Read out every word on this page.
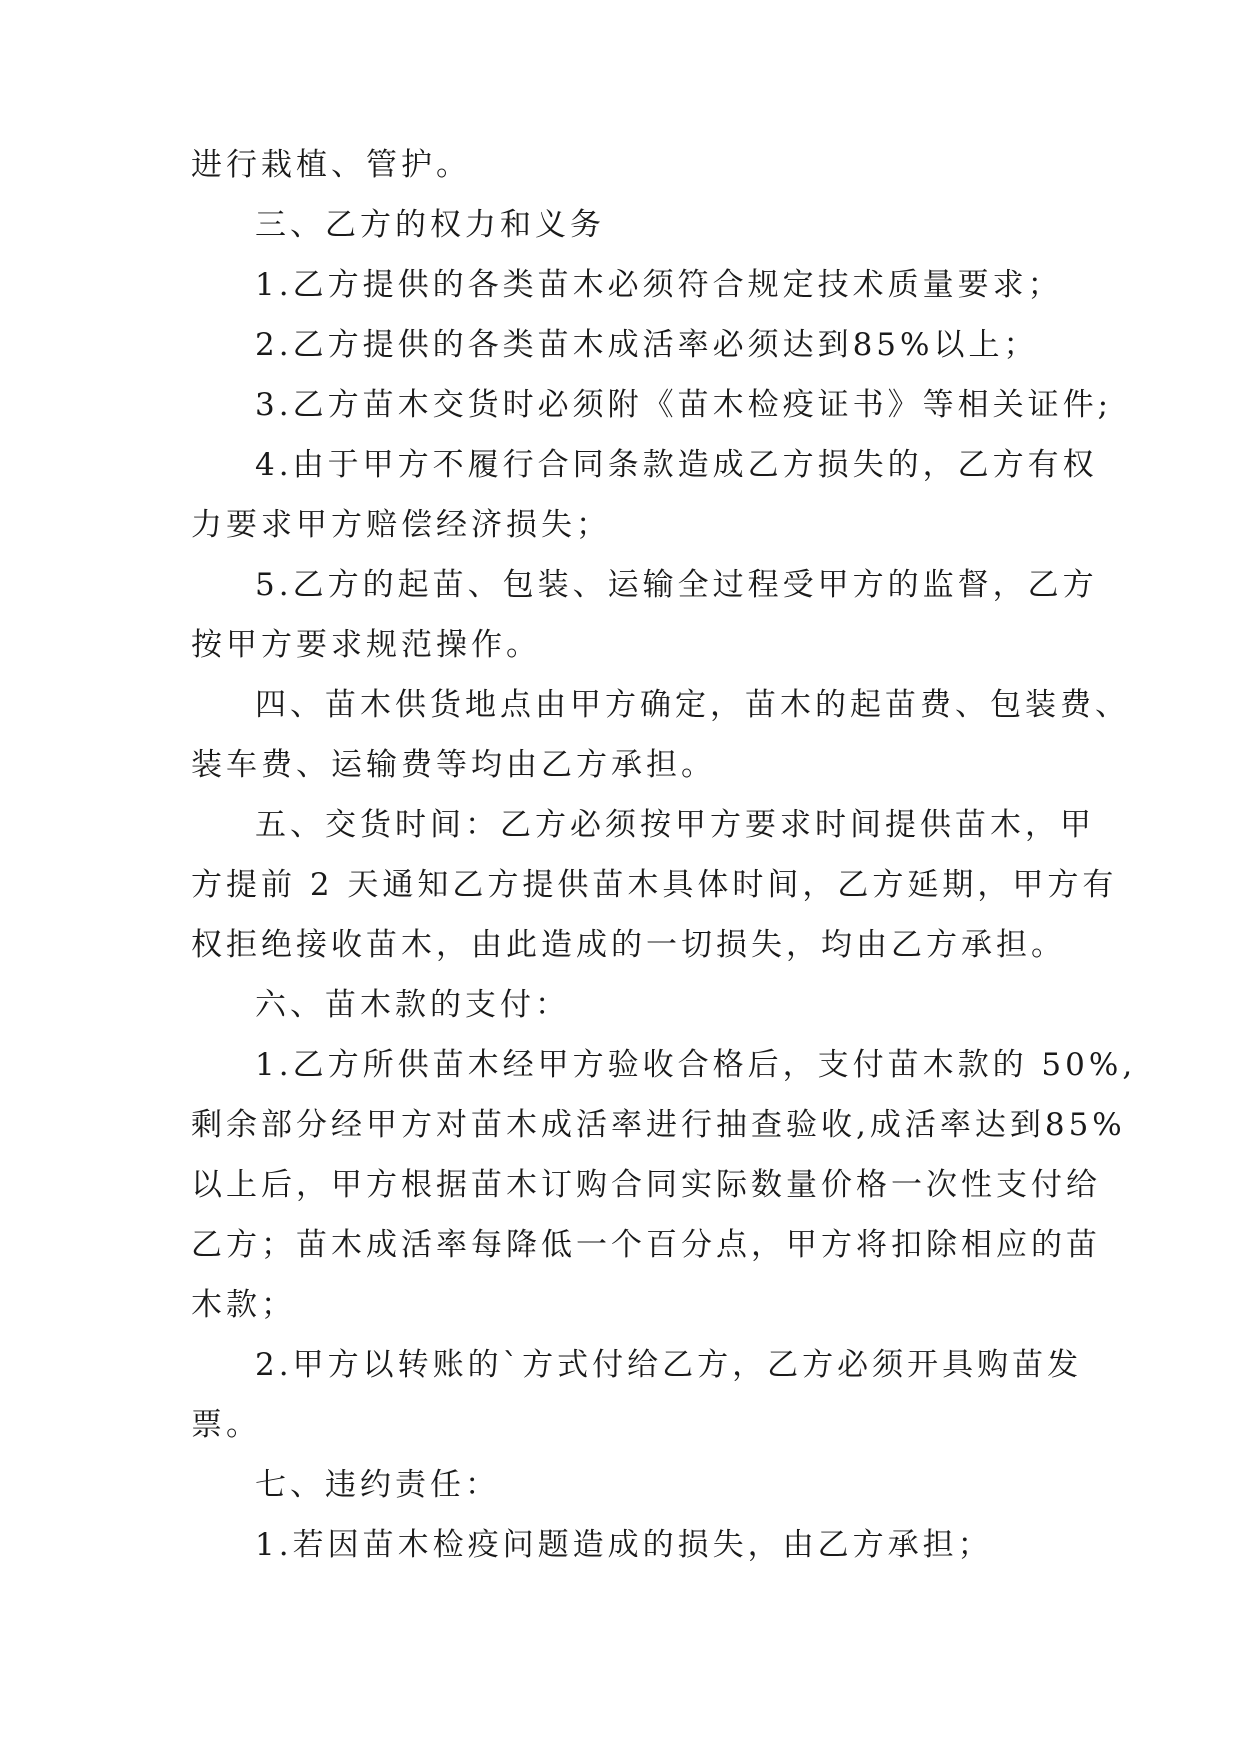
进行栽植、管护。
三、乙方的权力和义务
1.乙方提供的各类苗木必须符合规定技术质量要求；
2.乙方提供的各类苗木成活率必须达到85%以上；
3.乙方苗木交货时必须附《苗木检疫证书》等相关证件;
4.由于甲方不履行合同条款造成乙方损失的，乙方有权
力要求甲方赔偿经济损失；
5.乙方的起苗、包装、运输全过程受甲方的监督，乙方
按甲方要求规范操作。
四、苗木供货地点由甲方确定，苗木的起苗费、包装费、
装车费、运输费等均由乙方承担。
五、交货时间：乙方必须按甲方要求时间提供苗木，甲
方提前 2 天通知乙方提供苗木具体时间，乙方延期，甲方有
权拒绝接收苗木，由此造成的一切损失，均由乙方承担。
六、苗木款的支付：
1.乙方所供苗木经甲方验收合格后，支付苗木款的 50%,
剩余部分经甲方对苗木成活率进行抽查验收,成活率达到85%
以上后，甲方根据苗木订购合同实际数量价格一次性支付给
乙方；苗木成活率每降低一个百分点，甲方将扣除相应的苗
木款；
2.甲方以转账的`方式付给乙方，乙方必须开具购苗发
票。
七、违约责任：
1.若因苗木检疫问题造成的损失，由乙方承担；
